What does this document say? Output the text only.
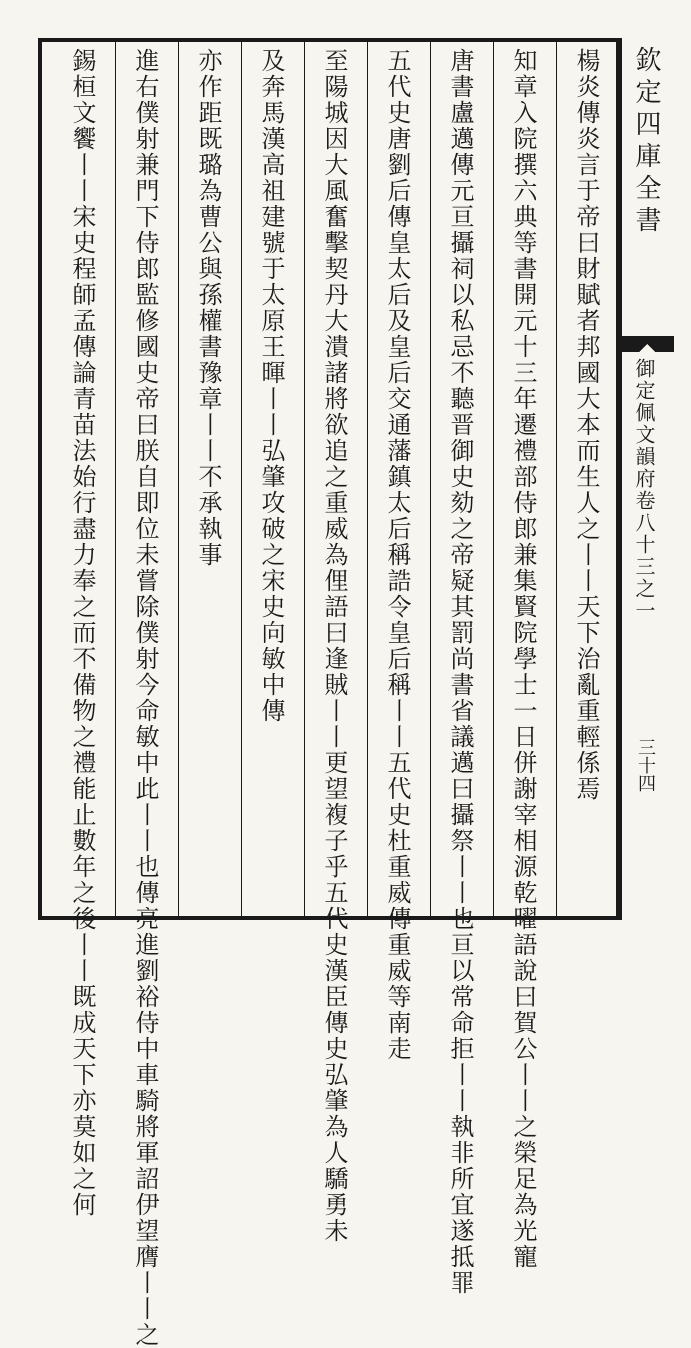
欽定四庫全書
御定佩文韻府卷八十三之一
三十四
楊炎傳炎言于帝曰財賦者邦國大本而生人之丨丨天下治亂重輕係焉
知章入院撰六典等書開元十三年遷禮部侍郎兼集賢院學士一日併謝宰相源乾曜語說曰賀公丨丨之榮足為光寵
唐書盧邁傳元亘攝祠以私忌不聽晋御史劾之帝疑其罰尚書省議邁曰攝祭丨丨也亘以常命拒丨丨執非所宜遂抵罪
五代史唐劉后傳皇太后及皇后交通藩鎮太后稱誥令皇后稱丨丨五代史杜重威傳重威等南走
至陽城因大風奮擊契丹大潰諸將欲追之重威為俚語曰逢賊丨丨更望複子乎五代史漢臣傳史弘肇為人驕勇未
及奔馬漢高祖建號于太原王暉丨丨弘肇攻破之宋史向敏中傳
亦作距既璐為曹公與孫權書豫章丨丨不承執事
進右僕射兼門下侍郎監修國史帝曰朕自即位未嘗除僕射今命敏中此丨丨也傳亮進劉裕侍中車騎將軍詔伊望膺丨丨之
錫桓文饗丨丨宋史程師孟傳論青苗法始行盡力奉之而不備物之禮能止數年之後丨丨既成天下亦莫如之何
